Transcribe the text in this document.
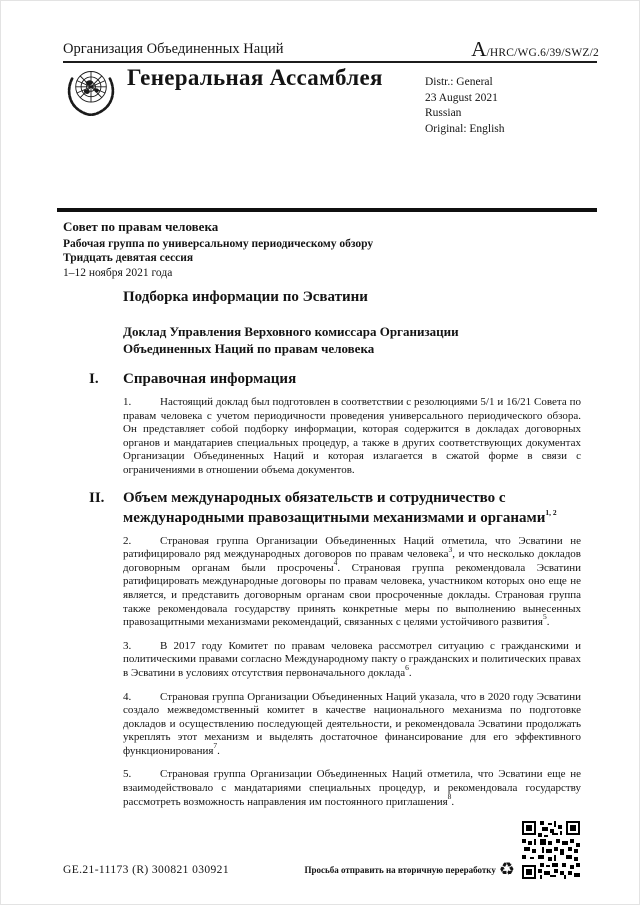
Организация Объединенных Наций	A/HRC/WG.6/39/SWZ/2
Генеральная Ассамблея	Distr.: General
23 August 2021
Russian
Original: English
Совет по правам человека
Рабочая группа по универсальному периодическому обзору
Тридцать девятая сессия
1–12 ноября 2021 года
Подборка информации по Эсватини
Доклад Управления Верховного комиссара Организации Объединенных Наций по правам человека
I.	Справочная информация

1.	Настоящий доклад был подготовлен в соответствии с резолюциями 5/1 и 16/21 Совета по правам человека с учетом периодичности проведения универсального периодического обзора. Он представляет собой подборку информации, которая содержится в докладах договорных органов и мандатариев специальных процедур, а также в других соответствующих документах Организации Объединенных Наций и которая излагается в сжатой форме в связи с ограничениями в отношении объема документов.

II.	Объем международных обязательств и сотрудничество с международными правозащитными механизмами и органами$^{1, 2}$

2.	Страновая группа Организации Объединенных Наций отметила, что Эсватини не ратифицировало ряд международных договоров по правам человека$^3$, и что несколько докладов договорным органам были просрочены$^4$. Страновая группа рекомендовала Эсватини ратифицировать международные договоры по правам человека, участником которых оно еще не является, и представить договорным органам свои просроченные доклады. Страновая группа также рекомендовала государству принять конкретные меры по выполнению вынесенных правозащитными механизмами рекомендаций, связанных с целями устойчивого развития$^5$.

3.	В 2017 году Комитет по правам человека рассмотрел ситуацию с гражданскими и политическими правами согласно Международному пакту о гражданских и политических правах в Эсватини в условиях отсутствия первоначального доклада$^6$.

4.	Страновая группа Организации Объединенных Наций указала, что в 2020 году Эсватини создало межведомственный комитет в качестве национального механизма по подготовке докладов и осуществлению последующей деятельности, и рекомендовала Эсватини продолжать укреплять этот механизм и выделять достаточное финансирование для его эффективного функционирования$^7$.

5.	Страновая группа Организации Объединенных Наций отметила, что Эсватини еще не взаимодействовало с мандатариями специальных процедур, и рекомендовала государству рассмотреть возможность направления им постоянного приглашения$^8$.

GE.21-11173 (R) 300821 030921	Просьба отправить на вторичную переработку ♻
